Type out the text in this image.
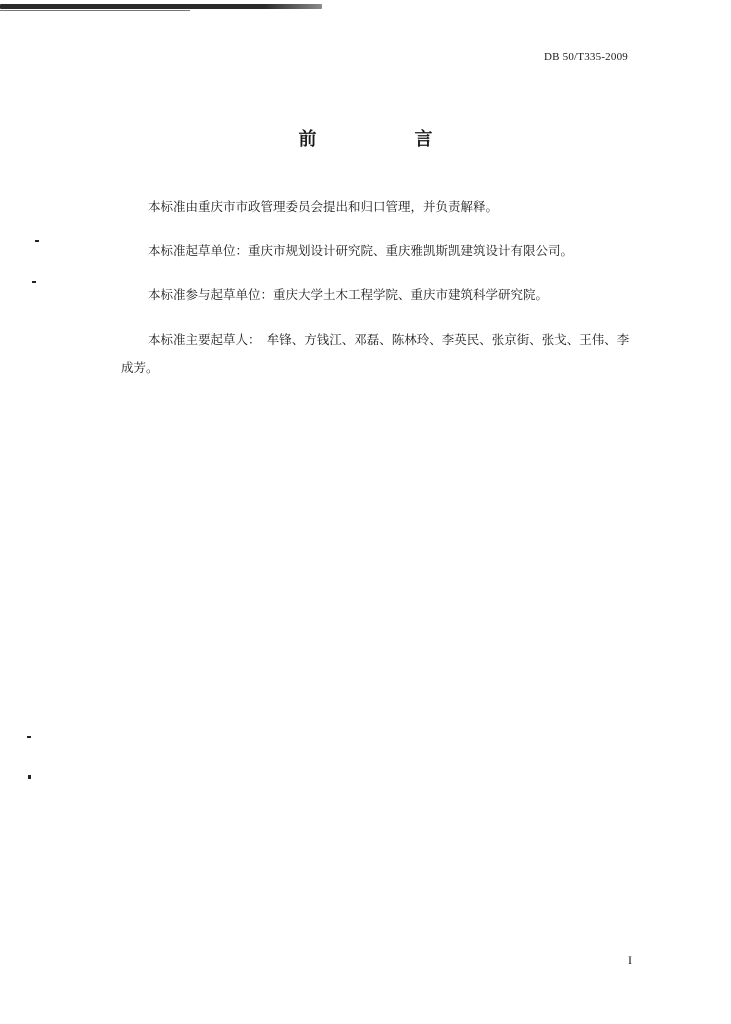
DB 50/T335-2009
前　言

本标准由重庆市市政管理委员会提出和归口管理，并负责解释。

本标准起草单位：重庆市规划设计研究院、重庆雅凯斯凯建筑设计有限公司。

本标准参与起草单位：重庆大学土木工程学院、重庆市建筑科学研究院。

本标准主要起草人：　牟锋、方钱江、邓磊、陈林玲、李英民、张京街、张戈、王伟、李成芳。

I
